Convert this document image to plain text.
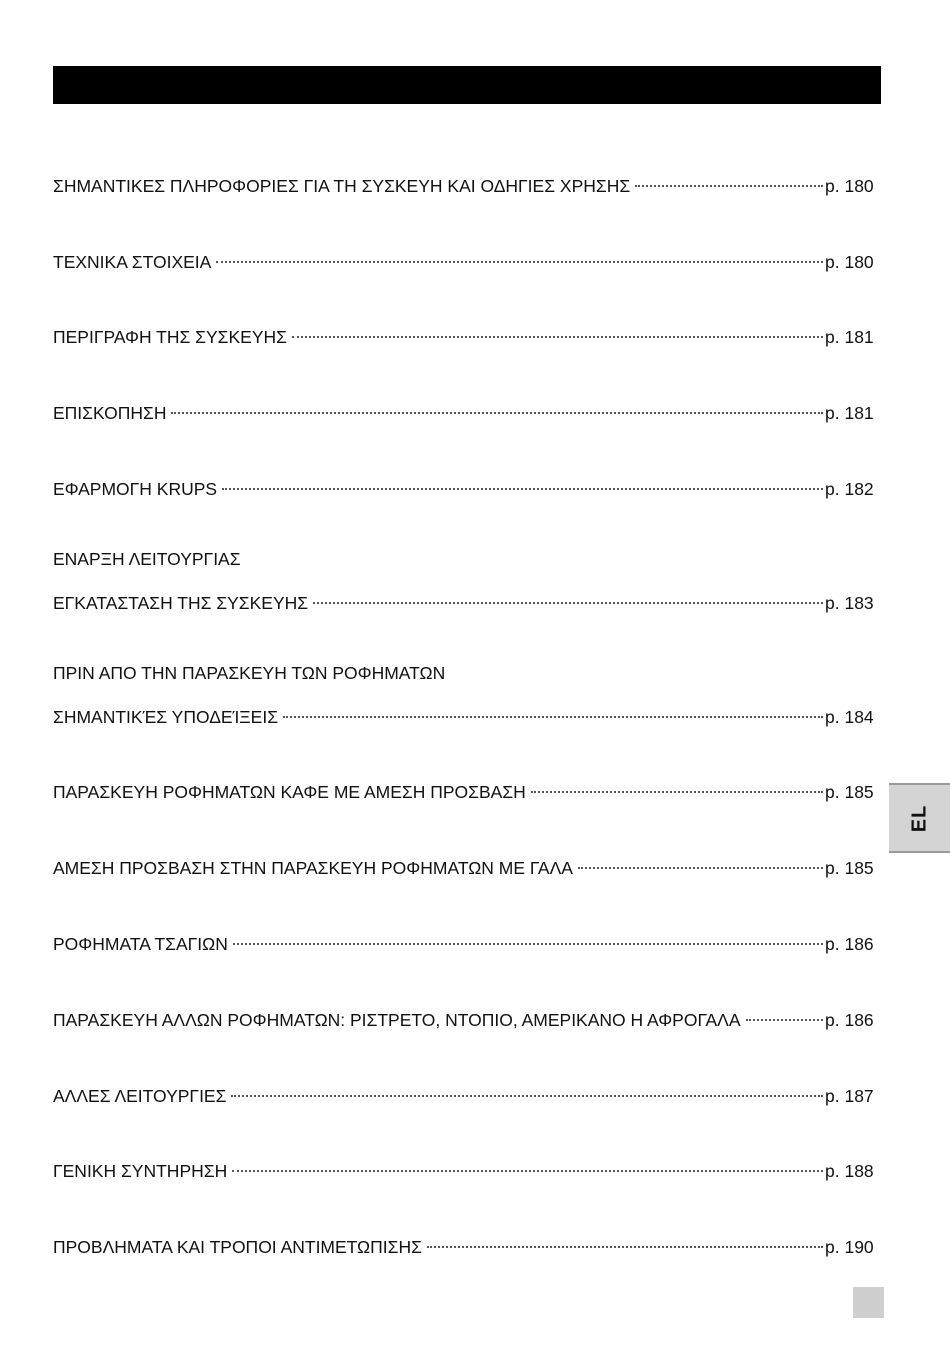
ΣΗΜΑΝΤΙΚΕΣ ΠΛΗΡΟΦΟΡΙΕΣ ΓΙΑ ΤΗ ΣΥΣΚΕΥΗ ΚΑΙ ΟΔΗΓΙΕΣ ΧΡΗΣΗΣ	p. 180
ΤΕΧΝΙΚΑ ΣΤΟΙΧΕΙΑ	p. 180
ΠΕΡΙΓΡΑΦΗ ΤΗΣ ΣΥΣΚΕΥΗΣ	p. 181
ΕΠΙΣΚΟΠΗΣΗ	p. 181
ΕΦΑΡΜΟΓΗ KRUPS	p. 182
ΕΝΑΡΞΗ ΛΕΙΤΟΥΡΓΙΑΣ
ΕΓΚΑΤΑΣΤΑΣΗ ΤΗΣ ΣΥΣΚΕΥΗΣ	p. 183
ΠΡΙΝ ΑΠΟ ΤΗΝ ΠΑΡΑΣΚΕΥΗ ΤΩΝ ΡΟΦΗΜΑΤΩΝ
ΣΗΜΑΝΤΙΚΈΣ ΥΠΟΔΕΊΞΕΙΣ	p. 184
ΠΑΡΑΣΚΕΥΗ ΡΟΦΗΜΑΤΩΝ ΚΑΦΕ ΜΕ ΑΜΕΣΗ ΠΡΟΣΒΑΣΗ	p. 185
ΑΜΕΣΗ ΠΡΟΣΒΑΣΗ ΣΤΗΝ ΠΑΡΑΣΚΕΥΗ ΡΟΦΗΜΑΤΩΝ ΜΕ ΓΑΛΑ	p. 185
ΡΟΦΗΜΑΤΑ ΤΣΑΓΙΩΝ	p. 186
ΠΑΡΑΣΚΕΥΗ ΑΛΛΩΝ ΡΟΦΗΜΑΤΩΝ: ΡΙΣΤΡΕΤΟ, ΝΤΟΠΙΟ, ΑΜΕΡΙΚΑΝΟ Η ΑΦΡΟΓΑΛΑ	p. 186
ΑΛΛΕΣ ΛΕΙΤΟΥΡΓΙΕΣ	p. 187
ΓΕΝΙΚΗ ΣΥΝΤΗΡΗΣΗ	p. 188
ΠΡΟΒΛΗΜΑΤΑ ΚΑΙ ΤΡΟΠΟΙ ΑΝΤΙΜΕΤΩΠΙΣΗΣ	p. 190
EL
